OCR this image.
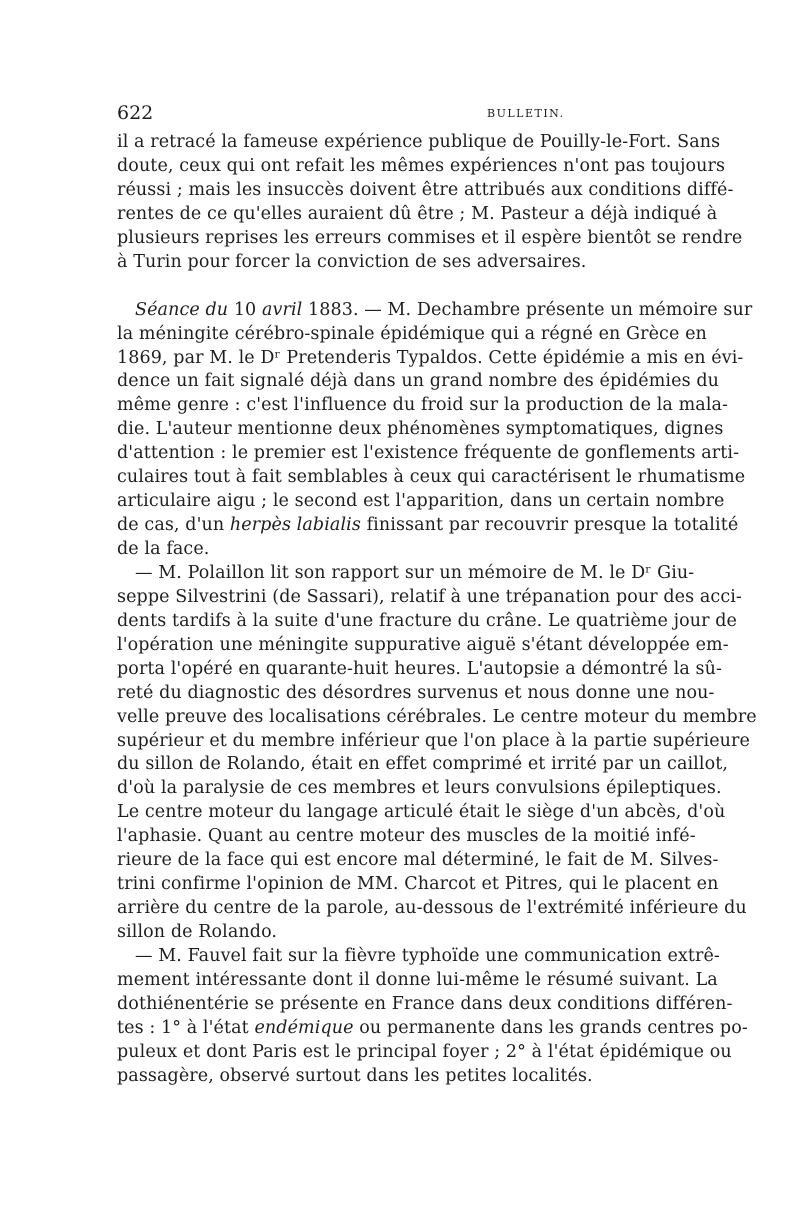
622	BULLETIN.
il a retracé la fameuse expérience publique de Pouilly-le-Fort. Sans
doute, ceux qui ont refait les mêmes expériences n'ont pas toujours
réussi ; mais les insuccès doivent être attribués aux conditions diffé-
rentes de ce qu'elles auraient dû être ; M. Pasteur a déjà indiqué à
plusieurs reprises les erreurs commises et il espère bientôt se rendre
à Turin pour forcer la conviction de ses adversaires.
Séance du 10 avril 1883. — M. Dechambre présente un mémoire sur
la méningite cérébro-spinale épidémique qui a régné en Grèce en
1869, par M. le Dʳ Pretenderis Typaldos. Cette épidémie a mis en évi-
dence un fait signalé déjà dans un grand nombre des épidémies du
même genre : c'est l'influence du froid sur la production de la mala-
die. L'auteur mentionne deux phénomènes symptomatiques, dignes
d'attention : le premier est l'existence fréquente de gonflements arti-
culaires tout à fait semblables à ceux qui caractérisent le rhumatisme
articulaire aigu ; le second est l'apparition, dans un certain nombre
de cas, d'un herpès labialis finissant par recouvrir presque la totalité
de la face.
— M. Polaillon lit son rapport sur un mémoire de M. le Dʳ Giu-
seppe Silvestrini (de Sassari), relatif à une trépanation pour des acci-
dents tardifs à la suite d'une fracture du crâne. Le quatrième jour de
l'opération une méningite suppurative aiguë s'étant développée em-
porta l'opéré en quarante-huit heures. L'autopsie a démontré la sû-
reté du diagnostic des désordres survenus et nous donne une nou-
velle preuve des localisations cérébrales. Le centre moteur du membre
supérieur et du membre inférieur que l'on place à la partie supérieure
du sillon de Rolando, était en effet comprimé et irrité par un caillot,
d'où la paralysie de ces membres et leurs convulsions épileptiques.
Le centre moteur du langage articulé était le siège d'un abcès, d'où
l'aphasie. Quant au centre moteur des muscles de la moitié infé-
rieure de la face qui est encore mal déterminé, le fait de M. Silves-
trini confirme l'opinion de MM. Charcot et Pitres, qui le placent en
arrière du centre de la parole, au-dessous de l'extrémité inférieure du
sillon de Rolando.
— M. Fauvel fait sur la fièvre typhoïde une communication extrê-
mement intéressante dont il donne lui-même le résumé suivant. La
dothiénentérie se présente en France dans deux conditions différen-
tes : 1° à l'état endémique ou permanente dans les grands centres po-
puleux et dont Paris est le principal foyer ; 2° à l'état épidémique ou
passagère, observé surtout dans les petites localités.
